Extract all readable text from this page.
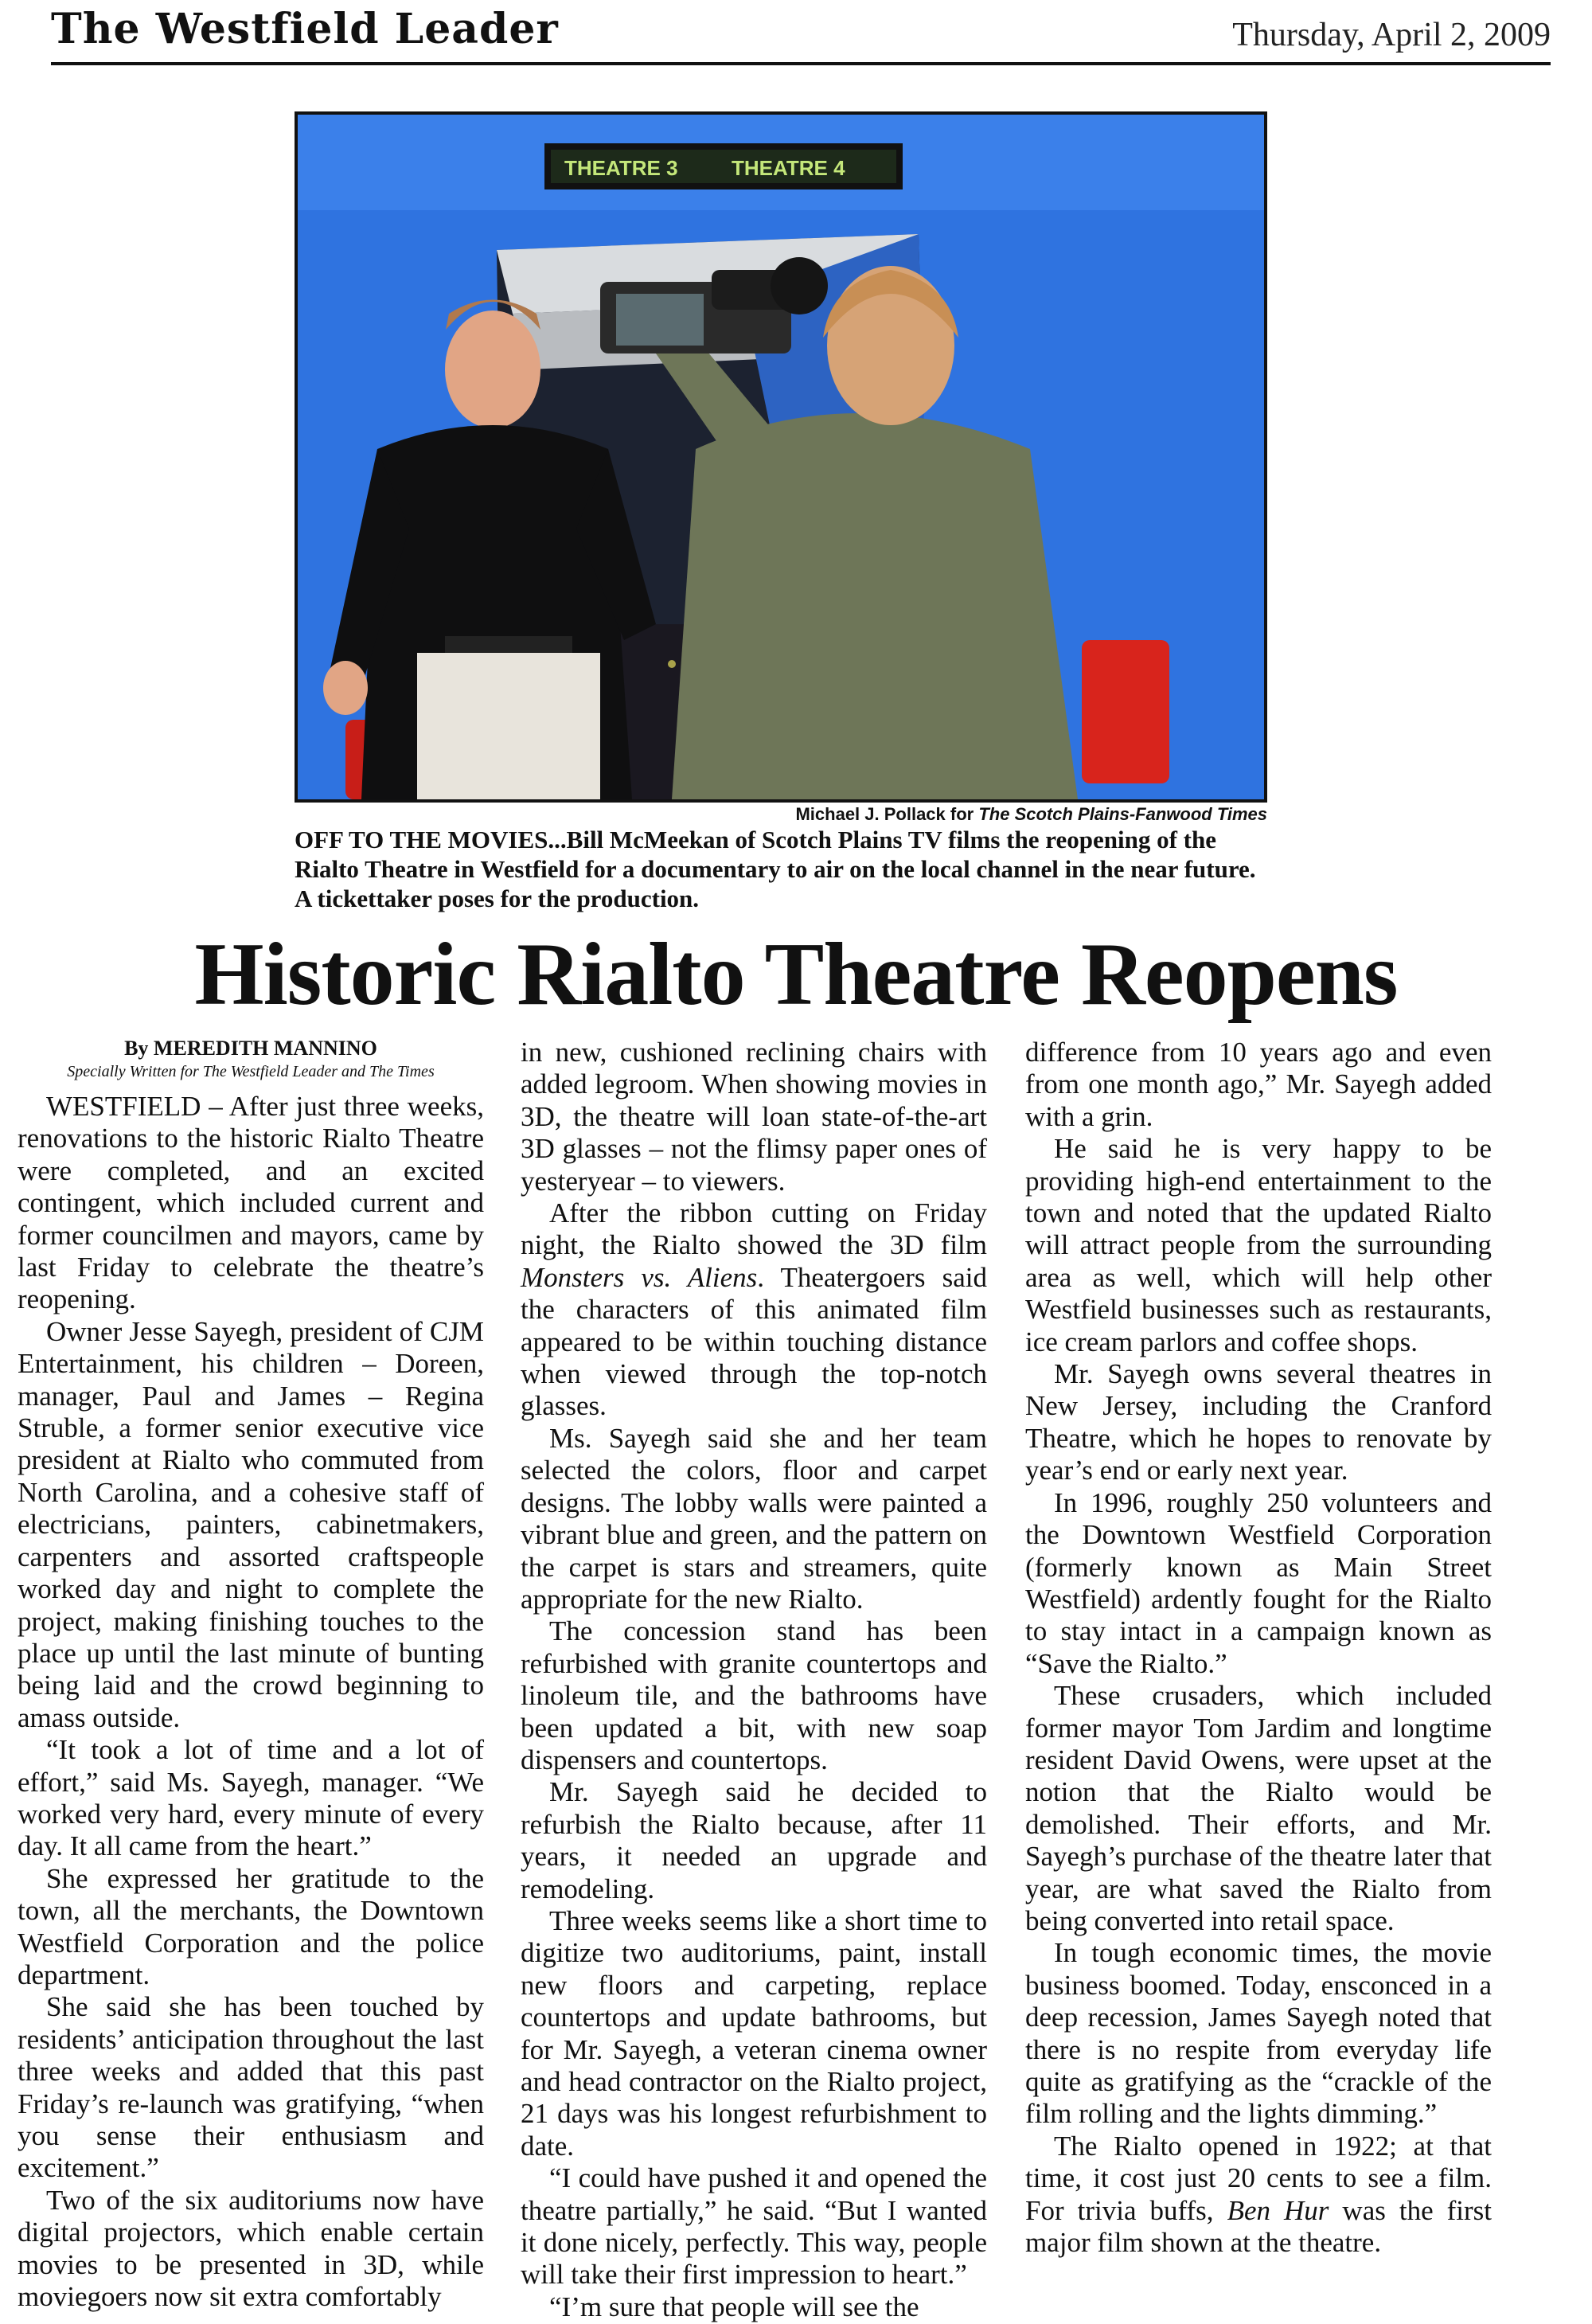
The Westfield Leader	Thursday, April 2, 2009
THEATRE 3	THEATRE 4
Michael J. Pollack for The Scotch Plains-Fanwood Times
OFF TO THE MOVIES...Bill McMeekan of Scotch Plains TV films the reopening of the Rialto Theatre in Westfield for a documentary to air on the local channel in the near future. A tickettaker poses for the production.
Historic Rialto Theatre Reopens
By MEREDITH MANNINO
Specially Written for The Westfield Leader and The Times

WESTFIELD – After just three weeks, renovations to the historic Rialto Theatre were completed, and an excited contingent, which included current and former councilmen and mayors, came by last Friday to celebrate the theatre’s reopening.

Owner Jesse Sayegh, president of CJM Entertainment, his children – Doreen, manager, Paul and James – Regina Struble, a former senior executive vice president at Rialto who commuted from North Carolina, and a cohesive staff of electricians, painters, cabinetmakers, carpenters and assorted craftspeople worked day and night to complete the project, making finishing touches to the place up until the last minute of bunting being laid and the crowd beginning to amass outside.

“It took a lot of time and a lot of effort,” said Ms. Sayegh, manager. “We worked very hard, every minute of every day. It all came from the heart.”

She expressed her gratitude to the town, all the merchants, the Downtown Westfield Corporation and the police department.

She said she has been touched by residents’ anticipation throughout the last three weeks and added that this past Friday’s re-launch was gratifying, “when you sense their enthusiasm and excitement.”

Two of the six auditoriums now have digital projectors, which enable certain movies to be presented in 3D, while moviegoers now sit extra comfortably

in new, cushioned reclining chairs with added legroom. When showing movies in 3D, the theatre will loan state-of-the-art 3D glasses – not the flimsy paper ones of yesteryear – to viewers.

After the ribbon cutting on Friday night, the Rialto showed the 3D film Monsters vs. Aliens. Theatergoers said the characters of this animated film appeared to be within touching distance when viewed through the top-notch glasses.

Ms. Sayegh said she and her team selected the colors, floor and carpet designs. The lobby walls were painted a vibrant blue and green, and the pattern on the carpet is stars and streamers, quite appropriate for the new Rialto.

The concession stand has been refurbished with granite countertops and linoleum tile, and the bathrooms have been updated a bit, with new soap dispensers and countertops.

Mr. Sayegh said he decided to refurbish the Rialto because, after 11 years, it needed an upgrade and remodeling.

Three weeks seems like a short time to digitize two auditoriums, paint, install new floors and carpeting, replace countertops and update bathrooms, but for Mr. Sayegh, a veteran cinema owner and head contractor on the Rialto project, 21 days was his longest refurbishment to date.

“I could have pushed it and opened the theatre partially,” he said. “But I wanted it done nicely, perfectly. This way, people will take their first impression to heart.”

“I’m sure that people will see the

difference from 10 years ago and even from one month ago,” Mr. Sayegh added with a grin.

He said he is very happy to be providing high-end entertainment to the town and noted that the updated Rialto will attract people from the surrounding area as well, which will help other Westfield businesses such as restaurants, ice cream parlors and coffee shops.

Mr. Sayegh owns several theatres in New Jersey, including the Cranford Theatre, which he hopes to renovate by year’s end or early next year.

In 1996, roughly 250 volunteers and the Downtown Westfield Corporation (formerly known as Main Street Westfield) ardently fought for the Rialto to stay intact in a campaign known as “Save the Rialto.”

These crusaders, which included former mayor Tom Jardim and longtime resident David Owens, were upset at the notion that the Rialto would be demolished. Their efforts, and Mr. Sayegh’s purchase of the theatre later that year, are what saved the Rialto from being converted into retail space.

In tough economic times, the movie business boomed. Today, ensconced in a deep recession, James Sayegh noted that there is no respite from everyday life quite as gratifying as the “crackle of the film rolling and the lights dimming.”

The Rialto opened in 1922; at that time, it cost just 20 cents to see a film. For trivia buffs, Ben Hur was the first major film shown at the theatre.
